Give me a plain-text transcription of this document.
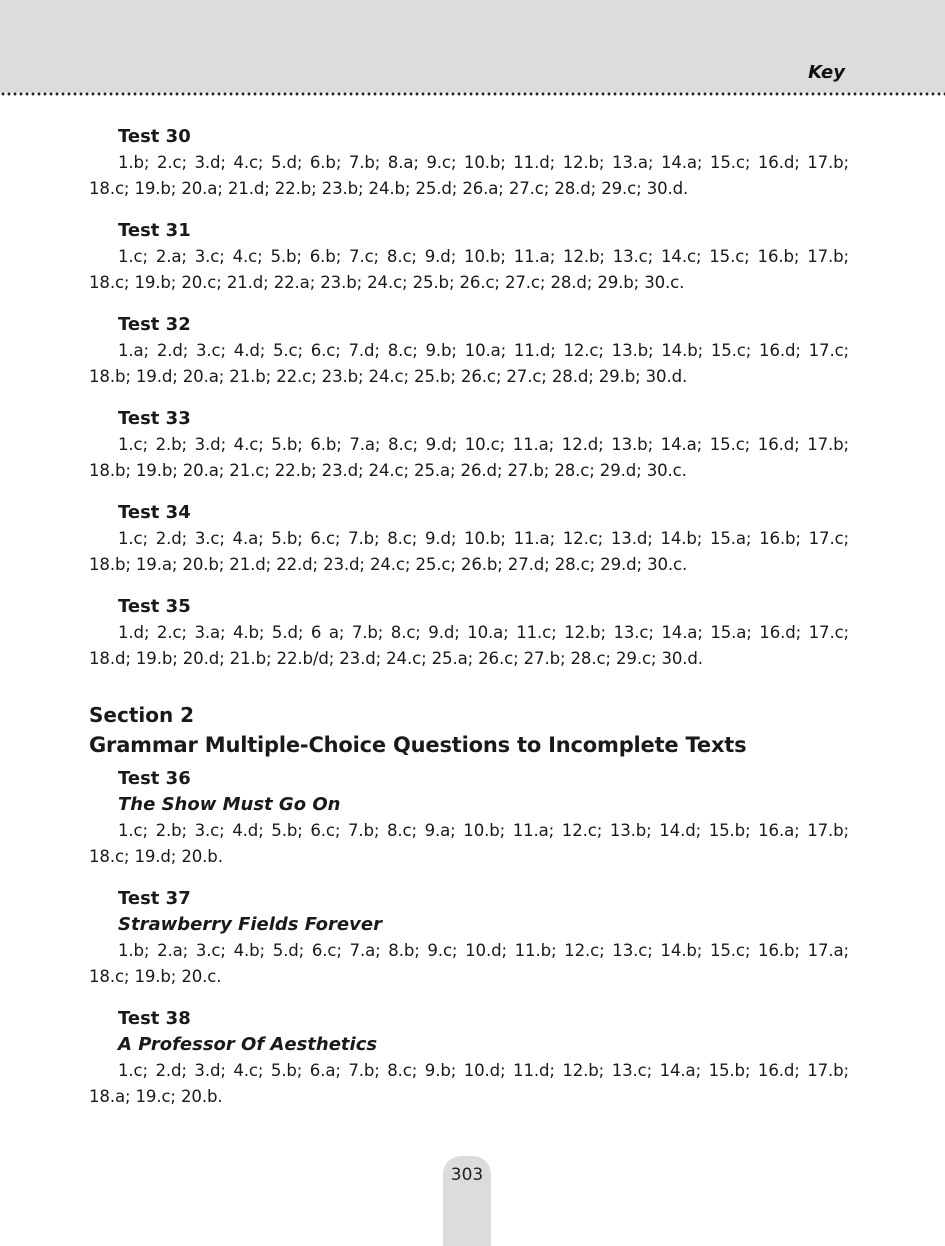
Key
Test 30
1.b; 2.c; 3.d; 4.c; 5.d; 6.b; 7.b; 8.a; 9.c; 10.b; 11.d; 12.b; 13.a; 14.a; 15.c; 16.d; 17.b; 18.c; 19.b; 20.a; 21.d; 22.b; 23.b; 24.b; 25.d; 26.a; 27.c; 28.d; 29.c; 30.d.
Test 31
1.c; 2.a; 3.c; 4.c; 5.b; 6.b; 7.c; 8.c; 9.d; 10.b; 11.a; 12.b; 13.c; 14.c; 15.c; 16.b; 17.b; 18.c; 19.b; 20.c; 21.d; 22.a; 23.b; 24.c; 25.b; 26.c; 27.c; 28.d; 29.b; 30.c.
Test 32
1.a; 2.d; 3.c; 4.d; 5.c; 6.c; 7.d; 8.c; 9.b; 10.a; 11.d; 12.c; 13.b; 14.b; 15.c; 16.d; 17.c; 18.b; 19.d; 20.a; 21.b; 22.c; 23.b; 24.c; 25.b; 26.c; 27.c; 28.d; 29.b; 30.d.
Test 33
1.c; 2.b; 3.d; 4.c; 5.b; 6.b; 7.a; 8.c; 9.d; 10.c; 11.a; 12.d; 13.b; 14.a; 15.c; 16.d; 17.b; 18.b; 19.b; 20.a; 21.c; 22.b; 23.d; 24.c; 25.a; 26.d; 27.b; 28.c; 29.d; 30.c.
Test 34
1.c; 2.d; 3.c; 4.a; 5.b; 6.c; 7.b; 8.c; 9.d; 10.b; 11.a; 12.c; 13.d; 14.b; 15.a; 16.b; 17.c; 18.b; 19.a; 20.b; 21.d; 22.d; 23.d; 24.c; 25.c; 26.b; 27.d; 28.c; 29.d; 30.c.
Test 35
1.d; 2.c; 3.a; 4.b; 5.d; 6 a; 7.b; 8.c; 9.d; 10.a; 11.c; 12.b; 13.c; 14.a; 15.a; 16.d; 17.c; 18.d; 19.b; 20.d; 21.b; 22.b/d; 23.d; 24.c; 25.a; 26.c; 27.b; 28.c; 29.c; 30.d.
Section 2
Grammar Multiple-Choice Questions to Incomplete Texts
Test 36
The Show Must Go On
1.c; 2.b; 3.c; 4.d; 5.b; 6.c; 7.b; 8.c; 9.a; 10.b; 11.a; 12.c; 13.b; 14.d; 15.b; 16.a; 17.b; 18.c; 19.d; 20.b.
Test 37
Strawberry Fields Forever
1.b; 2.a; 3.c; 4.b; 5.d; 6.c; 7.a; 8.b; 9.c; 10.d; 11.b; 12.c; 13.c; 14.b; 15.c; 16.b; 17.a; 18.c; 19.b; 20.c.
Test 38
A Professor Of Aesthetics
1.c; 2.d; 3.d; 4.c; 5.b; 6.a; 7.b; 8.c; 9.b; 10.d; 11.d; 12.b; 13.c; 14.a; 15.b; 16.d; 17.b; 18.a; 19.c; 20.b.
303
